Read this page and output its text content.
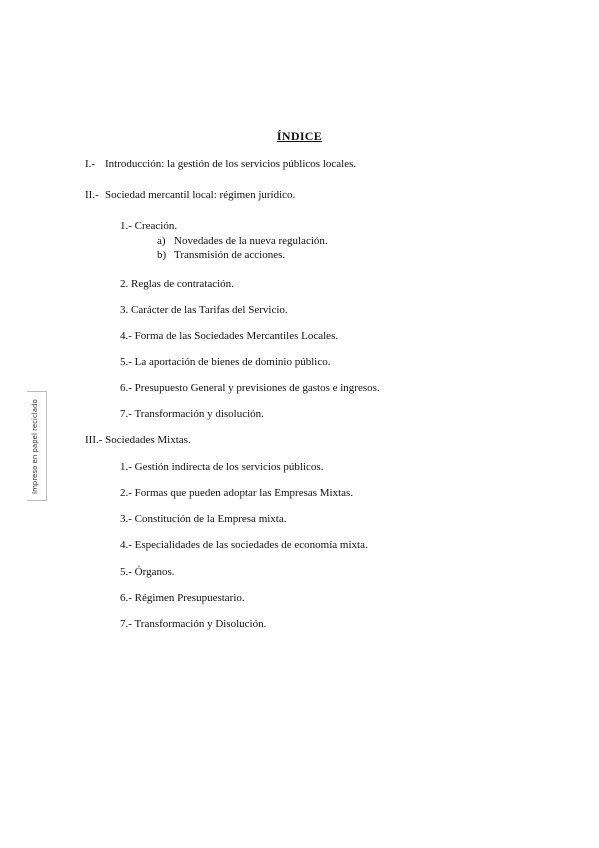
Impreso en papel reciclado
ÍNDICE
I.- Introducción: la gestión de los servicios públicos locales.
II.- Sociedad mercantil local: régimen jurídico.
1.- Creación.
a) Novedades de la nueva regulación.
b) Transmisión de acciones.
2. Reglas de contratación.
3. Carácter de las Tarifas del Servicio.
4.- Forma de las Sociedades Mercantiles Locales.
5.- La aportación de bienes de dominio público.
6.- Presupuesto General y previsiones de gastos e ingresos.
7.- Transformación y disolución.
III.- Sociedades Mixtas.
1.- Gestión indirecta de los servicios públicos.
2.- Formas que pueden adoptar las Empresas Mixtas.
3.- Constitución de la Empresa mixta.
4.- Especialidades de las sociedades de economía mixta.
5.- Órganos.
6.- Régimen Presupuestario.
7.- Transformación y Disolución.
